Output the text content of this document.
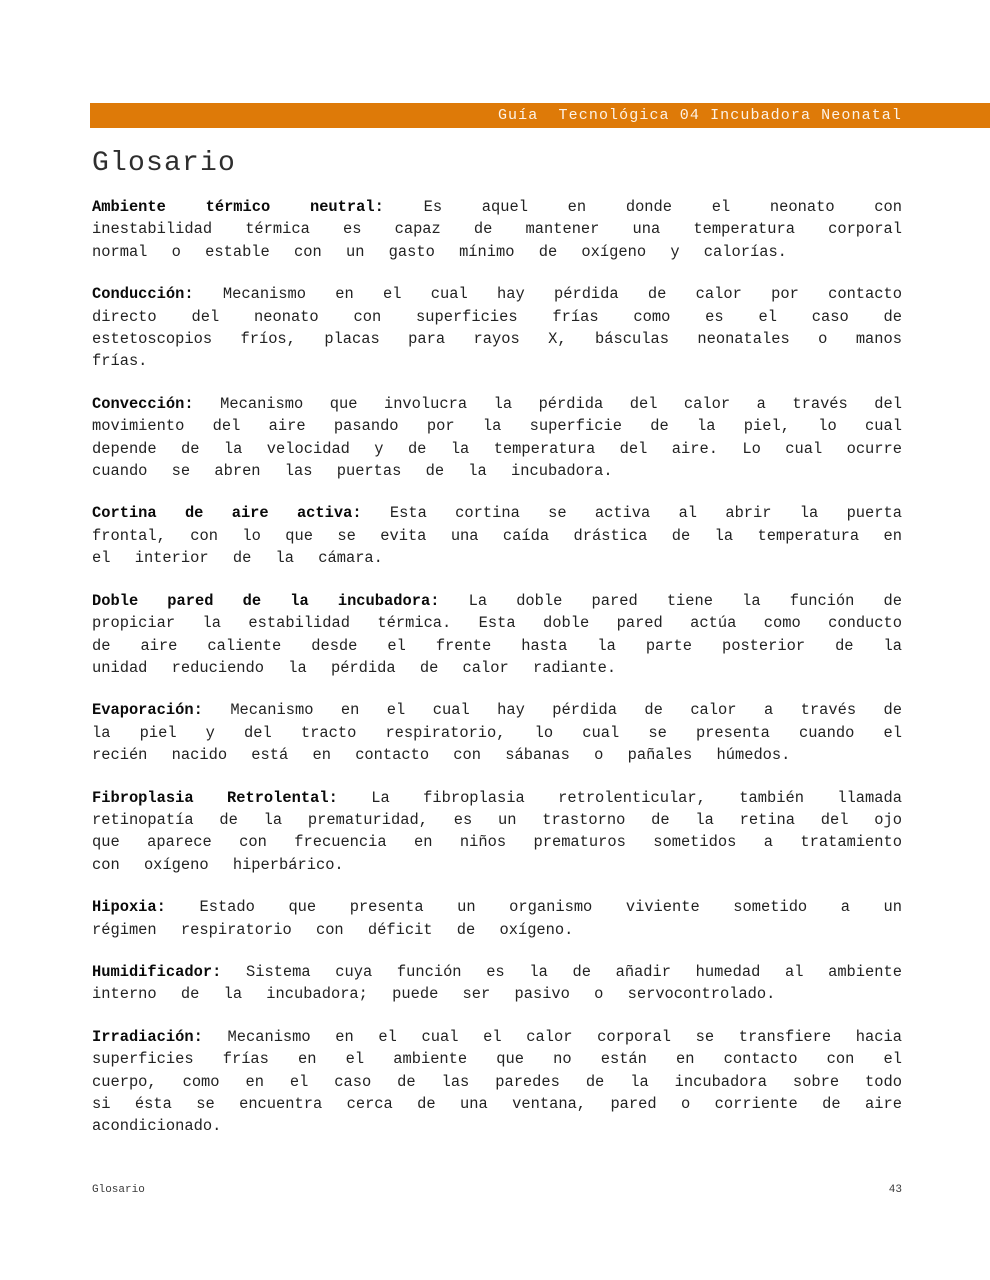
Guía  Tecnológica 04 Incubadora Neonatal
Glosario

Ambiente térmico neutral:	Es aquel en donde el neonato con inestabilidad térmica es capaz de mantener una temperatura corporal normal o estable con un gasto mínimo de oxígeno y calorías.

Conducción: Mecanismo en el cual hay pérdida de calor por contacto directo del neonato con superficies frías como es el caso de estetoscopios fríos, placas para rayos X, básculas neonatales o manos frías.

Convección: Mecanismo que involucra la pérdida del calor a través del movimiento del aire pasando por la superficie de la piel, lo cual depende de la velocidad y de la temperatura del aire. Lo cual ocurre cuando se abren las puertas de la incubadora.

Cortina de aire activa: Esta cortina se activa al abrir la puerta frontal, con lo que se evita una caída drástica de la temperatura en el interior de la cámara.

Doble pared de la incubadora: La doble pared tiene la función de propiciar la estabilidad térmica. Esta doble pared actúa como conducto de aire caliente desde el frente hasta la parte posterior de la unidad reduciendo la pérdida de calor radiante.

Evaporación: Mecanismo en el cual hay pérdida de calor a través de la piel y del tracto respiratorio, lo cual se presenta cuando el recién nacido está en contacto con sábanas o pañales húmedos.

Fibroplasia Retrolental: La fibroplasia retrolenticular, también llamada retinopatía de la prematuridad, es un trastorno de la retina del ojo que aparece con frecuencia en niños prematuros sometidos a tratamiento con oxígeno hiperbárico.

Hipoxia: Estado que presenta un organismo viviente sometido a un régimen respiratorio con déficit de oxígeno.

Humidificador: Sistema cuya función es la de añadir humedad al ambiente interno de la incubadora; puede ser pasivo o servocontrolado.

Irradiación: Mecanismo en el cual el calor corporal se transfiere hacia superficies frías en el ambiente que no están en contacto con el cuerpo, como en el caso de las paredes de la incubadora sobre todo si ésta se encuentra cerca de una ventana, pared o corriente de aire acondicionado.

Glosario	43
